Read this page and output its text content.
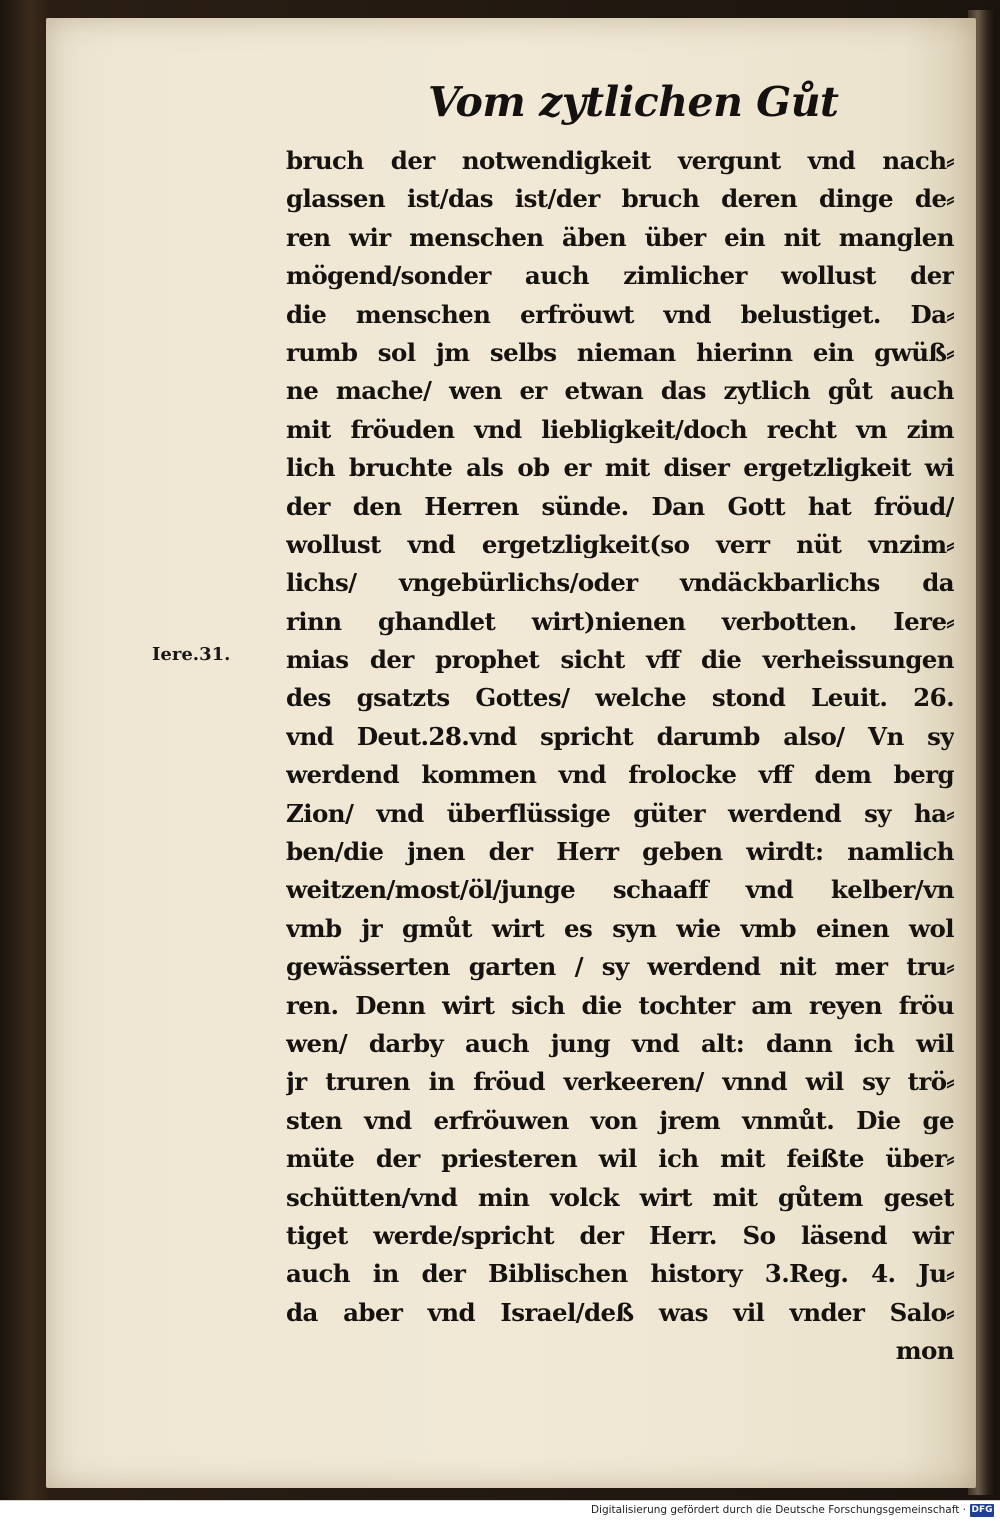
Vom zytlichen Gůt
Iere.31.
bruch der notwendigkeit vergunt vnd nach⸗
glassen ist/das ist/der bruch deren dinge de⸗
ren wir menschen äben über ein nit manglen
mögend/sonder auch zimlicher wollust der
die menschen erfröuwt vnd belustiget. Da⸗
rumb sol jm selbs nieman hierinn ein gwüß⸗
ne mache/ wen er etwan das zytlich gůt auch
mit fröuden vnd liebligkeit/doch recht vn zim
lich bruchte als ob er mit diser ergetzligkeit wi
der den Herren sünde. Dan Gott hat fröud/
wollust vnd ergetzligkeit(so verr nüt vnzim⸗
lichs/ vngebürlichs/oder vndäckbarlichs da
rinn ghandlet wirt)nienen verbotten. Iere⸗
mias der prophet sicht vff die verheissungen
des gsatzts Gottes/ welche stond Leuit. 26.
vnd Deut.28.vnd spricht darumb also/ Vn sy
werdend kommen vnd frolocke vff dem berg
Zion/ vnd überflüssige güter werdend sy ha⸗
ben/die jnen der Herr geben wirdt: namlich
weitzen/most/öl/junge schaaff vnd kelber/vn
vmb jr gmůt wirt es syn wie vmb einen wol
gewässerten garten / sy werdend nit mer tru⸗
ren. Denn wirt sich die tochter am reyen fröu
wen/ darby auch jung vnd alt: dann ich wil
jr truren in fröud verkeeren/ vnnd wil sy trö⸗
sten vnd erfröuwen von jrem vnmůt. Die ge
müte der priesteren wil ich mit feißte über⸗
schütten/vnd min volck wirt mit gůtem geset
tiget werde/spricht der Herr. So läsend wir
auch in der Biblischen history 3.Reg. 4. Ju⸗
da aber vnd Israel/deß was vil vnder Salo⸗
mon
Digitalisierung gefördert durch die Deutsche Forschungsgemeinschaft · DFG
